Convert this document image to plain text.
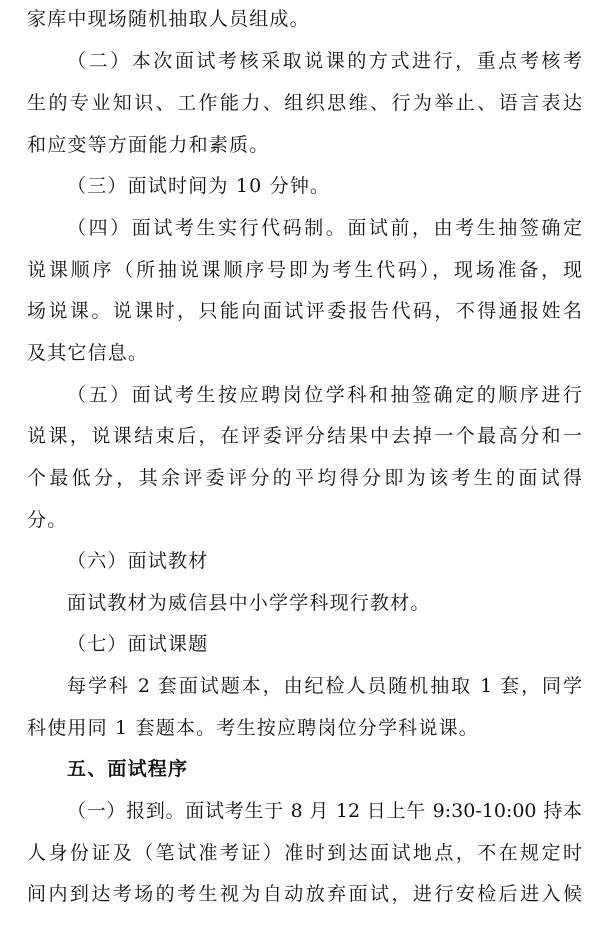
家库中现场随机抽取人员组成。
（二）本次面试考核采取说课的方式进行，重点考核考
生的专业知识、工作能力、组织思维、行为举止、语言表达
和应变等方面能力和素质。
（三）面试时间为 10 分钟。
（四）面试考生实行代码制。面试前，由考生抽签确定
说课顺序（所抽说课顺序号即为考生代码），现场准备，现
场说课。说课时，只能向面试评委报告代码，不得通报姓名
及其它信息。
（五）面试考生按应聘岗位学科和抽签确定的顺序进行
说课，说课结束后，在评委评分结果中去掉一个最高分和一
个最低分，其余评委评分的平均得分即为该考生的面试得
分。
（六）面试教材
面试教材为威信县中小学学科现行教材。
（七）面试课题
每学科 2 套面试题本，由纪检人员随机抽取 1 套，同学
科使用同 1 套题本。考生按应聘岗位分学科说课。
五、面试程序
（一）报到。面试考生于 8 月 12 日上午 9:30-10:00 持本
人身份证及（笔试准考证）准时到达面试地点，不在规定时
间内到达考场的考生视为自动放弃面试，进行安检后进入候
